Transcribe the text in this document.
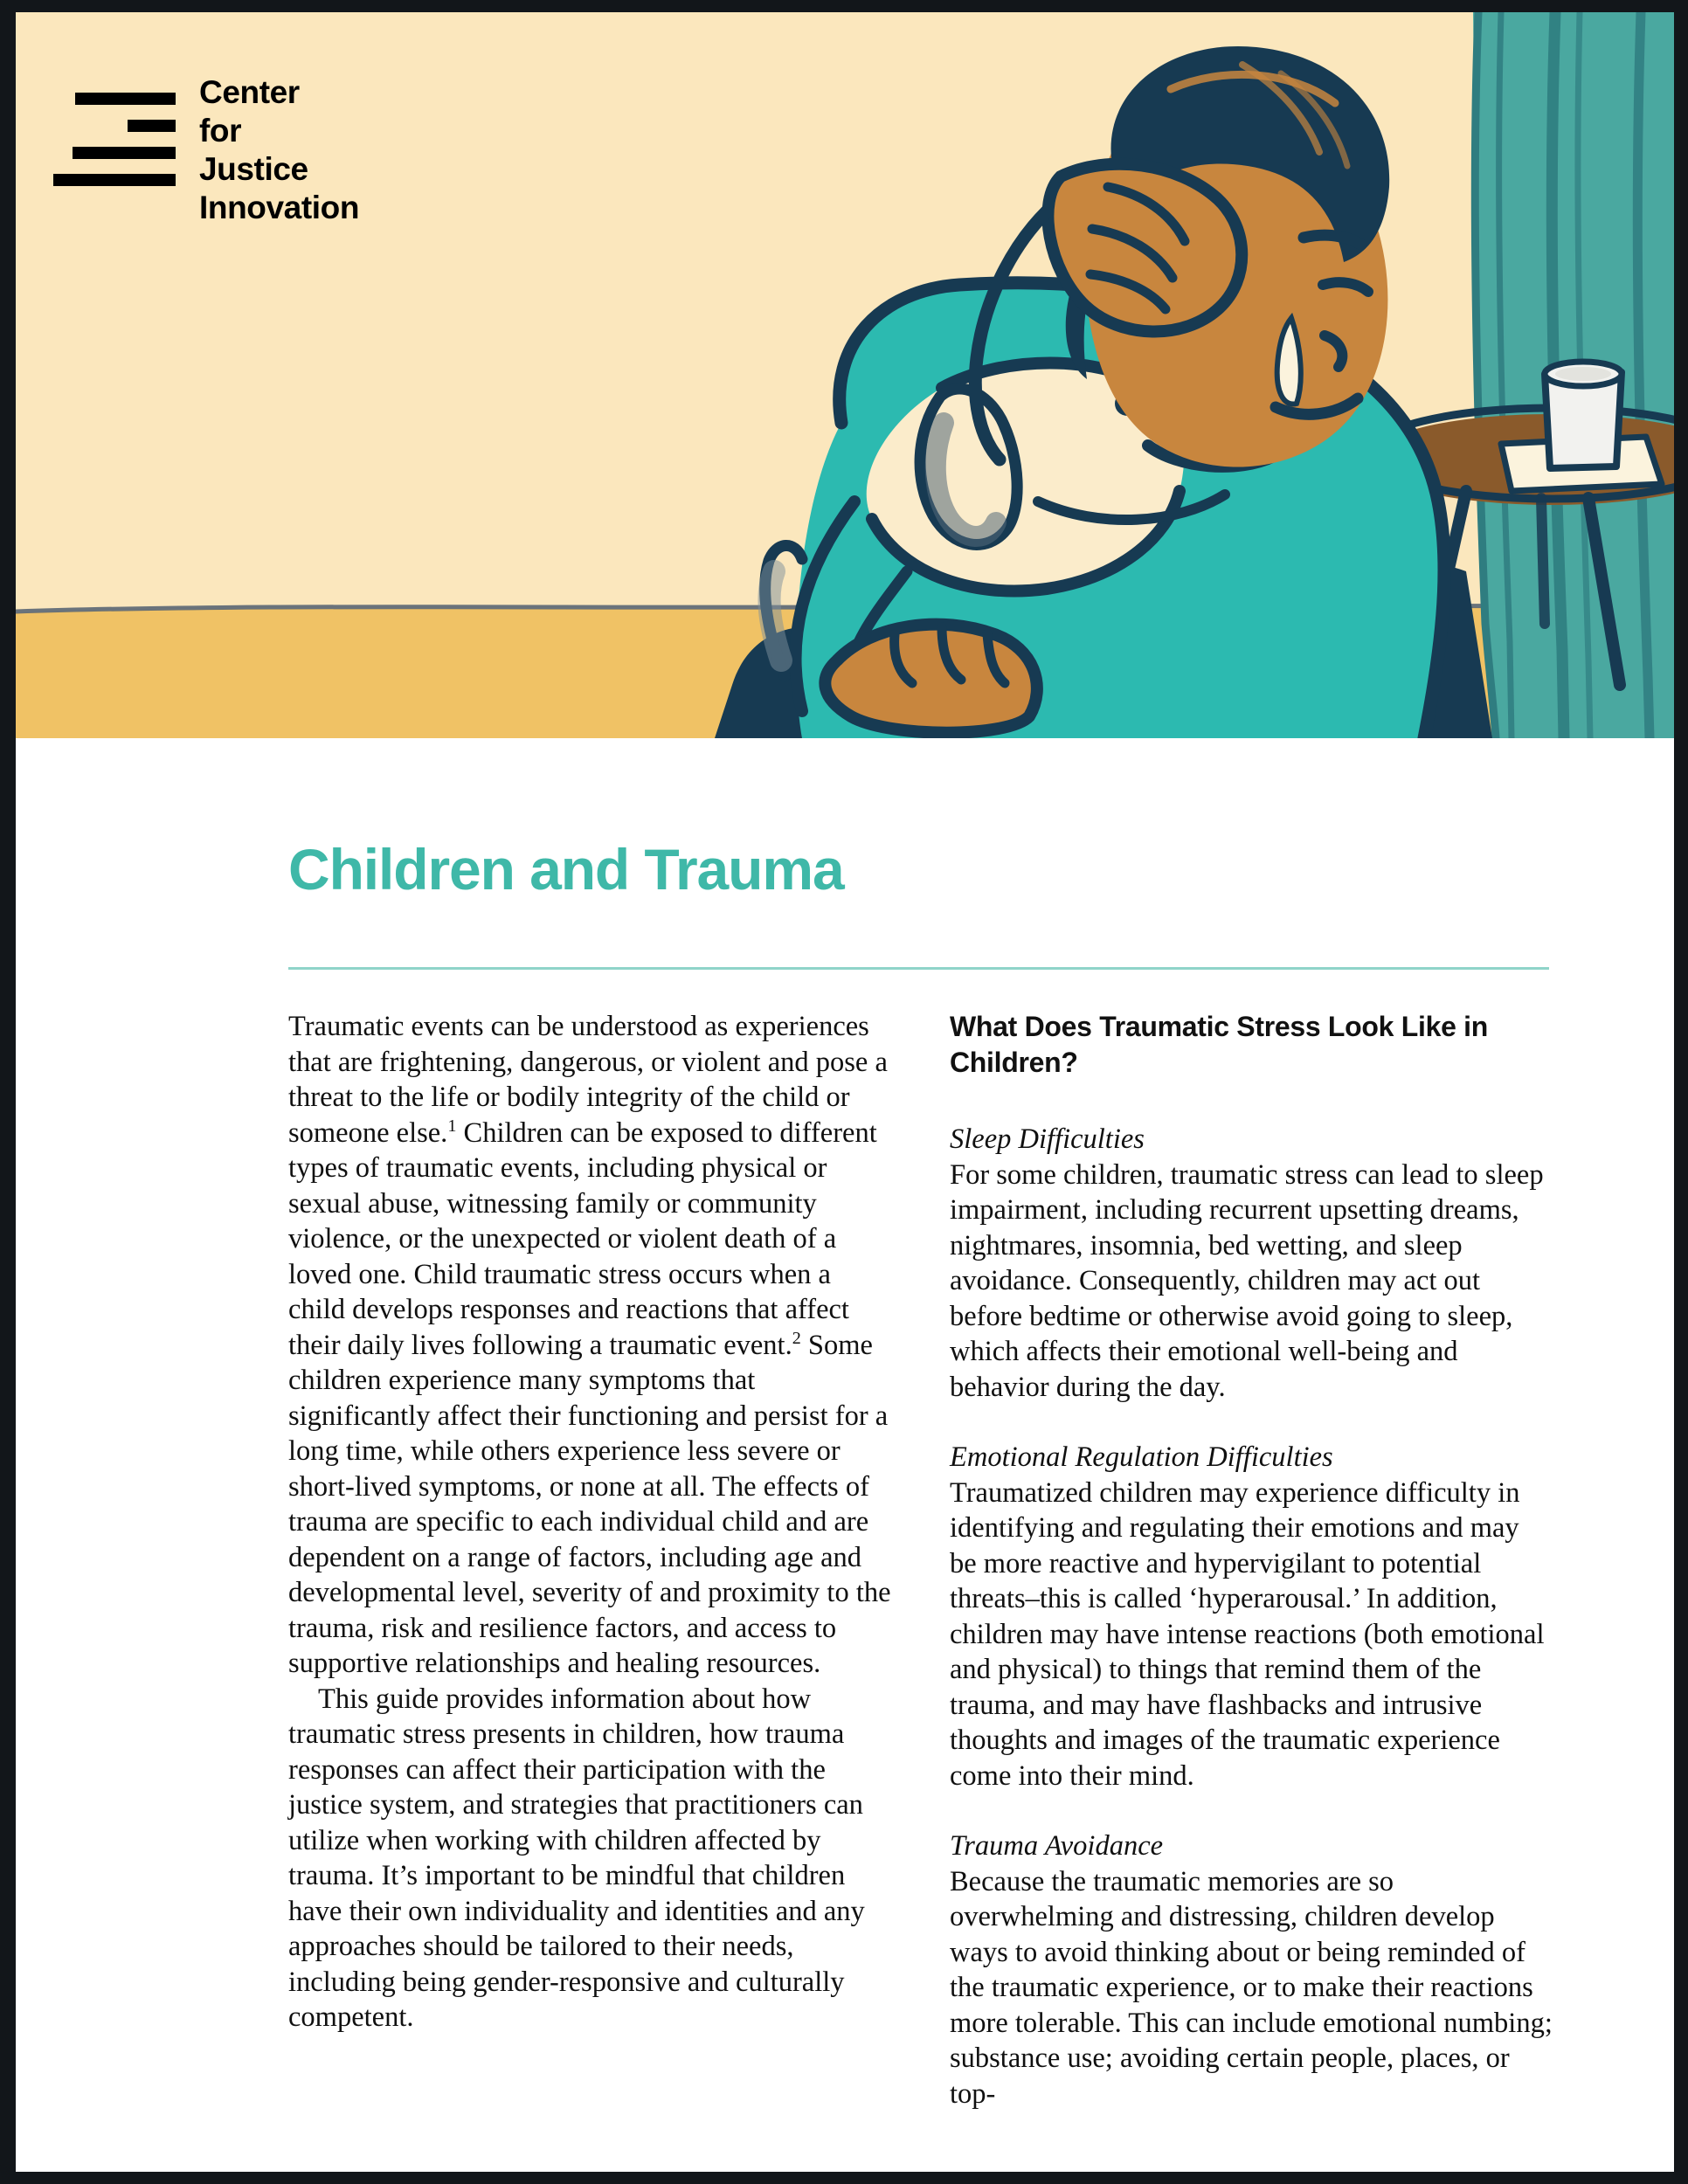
Center
for
Justice
Innovation
Children and Trauma

Traumatic events can be understood as experiences that are frightening, dangerous, or violent and pose a threat to the life or bodily integrity of the child or someone else.$^1$ Children can be exposed to different types of traumatic events, including physical or sexual abuse, witnessing family or community violence, or the unexpected or violent death of a loved one. Child traumatic stress occurs when a child develops responses and reactions that affect their daily lives following a traumatic event.$^2$ Some children experience many symptoms that significantly affect their functioning and persist for a long time, while others experience less severe or short-lived symptoms, or none at all. The effects of trauma are specific to each individual child and are dependent on a range of factors, including age and developmental level, severity of and proximity to the trauma, risk and resilience factors, and access to supportive relationships and healing resources.

This guide provides information about how traumatic stress presents in children, how trauma responses can affect their participation with the justice system, and strategies that practitioners can utilize when working with children affected by trauma. It’s important to be mindful that children have their own individuality and identities and any approaches should be tailored to their needs, including being gender-responsive and culturally competent.

What Does Traumatic Stress Look Like in Children?
Sleep Difficulties

For some children, traumatic stress can lead to sleep impairment, including recurrent upsetting dreams, nightmares, insomnia, bed wetting, and sleep avoidance. Consequently, children may act out before bedtime or otherwise avoid going to sleep, which affects their emotional well-being and behavior during the day.

Emotional Regulation Difficulties

Traumatized children may experience difficulty in identifying and regulating their emotions and may be more reactive and hypervigilant to potential threats–this is called ‘hyperarousal.’ In addition, children may have intense reactions (both emotional and physical) to things that remind them of the trauma, and may have flashbacks and intrusive thoughts and images of the traumatic experience come into their mind.

Trauma Avoidance

Because the traumatic memories are so overwhelming and distressing, children develop ways to avoid thinking about or being reminded of the traumatic experience, or to make their reactions more tolerable. This can include emotional numbing; substance use; avoiding certain people, places, or top-
